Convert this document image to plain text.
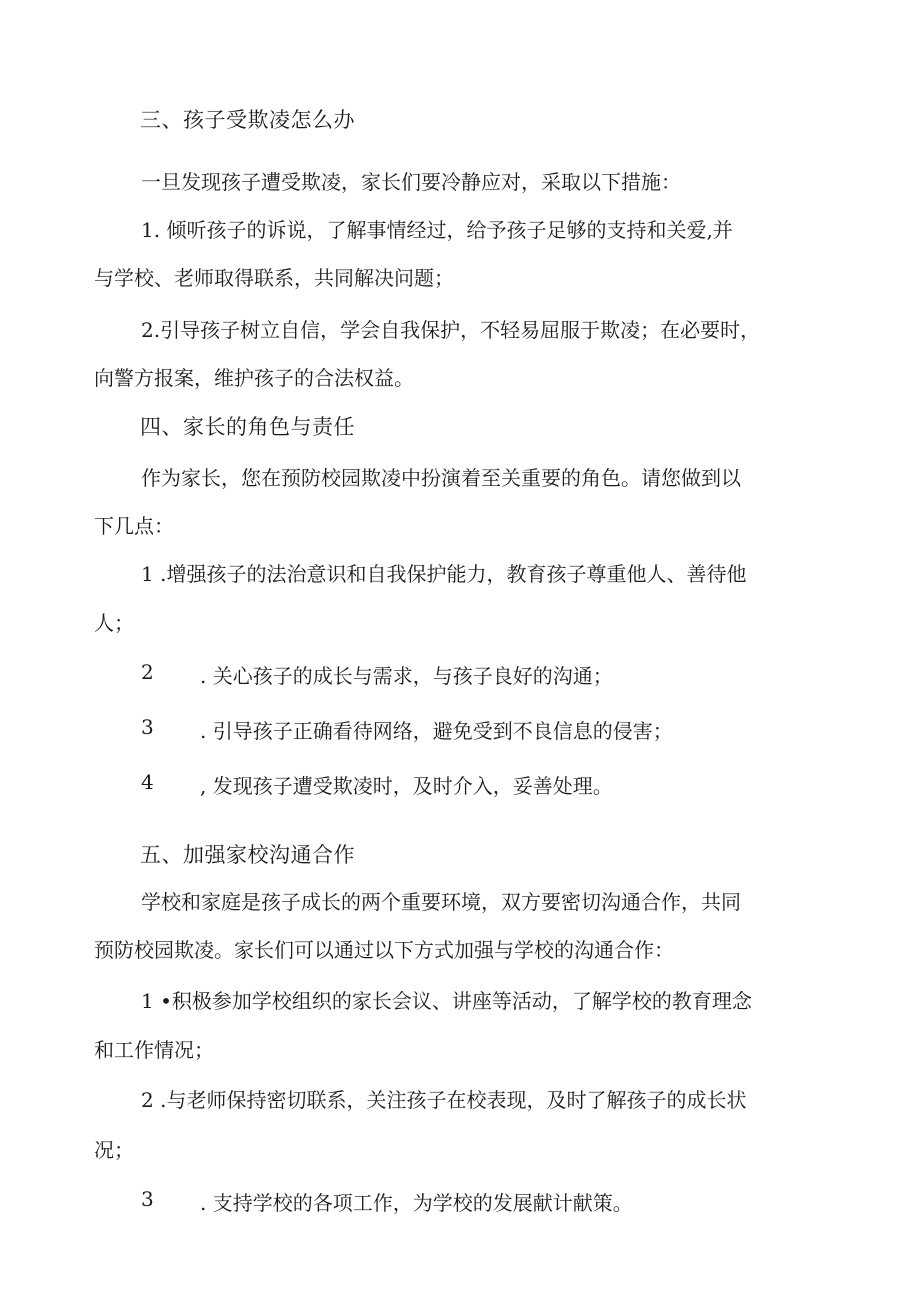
三、孩子受欺凌怎么办
一旦发现孩子遭受欺凌，家长们要冷静应对，采取以下措施：
1. 倾听孩子的诉说，了解事情经过，给予孩子足够的支持和关爱,并
与学校、老师取得联系，共同解决问题；
2.引导孩子树立自信，学会自我保护，不轻易屈服于欺凌；在必要时，
向警方报案，维护孩子的合法权益。
四、家长的角色与责任
作为家长，您在预防校园欺凌中扮演着至关重要的角色。请您做到以
下几点：
1 .增强孩子的法治意识和自我保护能力，教育孩子尊重他人、善待他
人；
2 . 关心孩子的成长与需求，与孩子良好的沟通；
3 . 引导孩子正确看待网络，避免受到不良信息的侵害；
4 , 发现孩子遭受欺凌时，及时介入，妥善处理。
五、加强家校沟通合作
学校和家庭是孩子成长的两个重要环境，双方要密切沟通合作，共同
预防校园欺凌。家长们可以通过以下方式加强与学校的沟通合作：
1 •积极参加学校组织的家长会议、讲座等活动，了解学校的教育理念
和工作情况；
2 .与老师保持密切联系，关注孩子在校表现，及时了解孩子的成长状
况；
3 . 支持学校的各项工作，为学校的发展献计献策。
